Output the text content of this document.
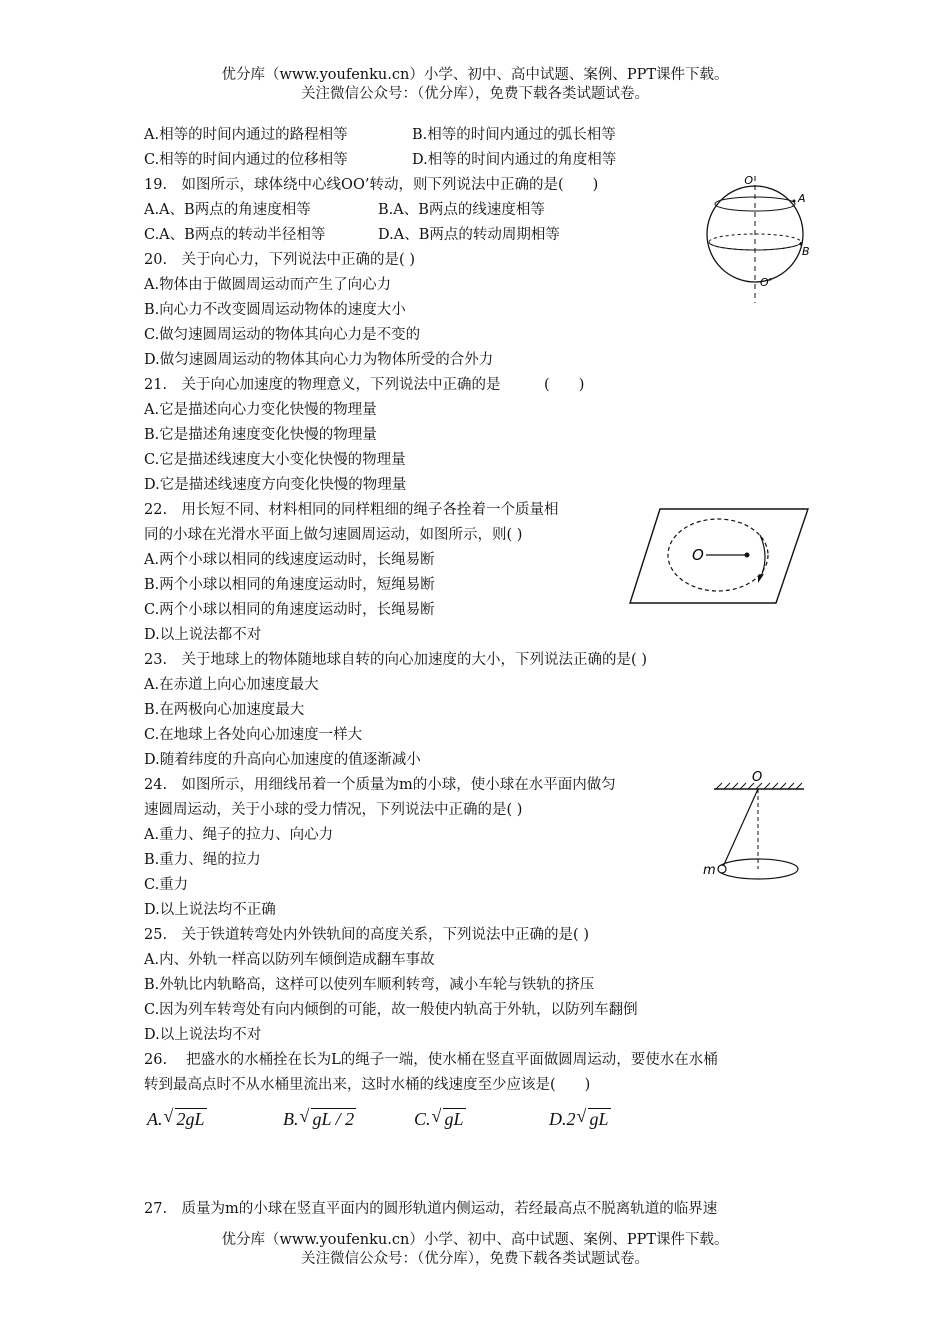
优分库（www.youfenku.cn）小学、初中、高中试题、案例、PPT课件下载。
关注微信公众号：（优分库），免费下载各类试题试卷。
A.相等的时间内通过的路程相等	B.相等的时间内通过的弧长相等
C.相等的时间内通过的位移相等	D.相等的时间内通过的角度相等
19.　如图所示，球体绕中心线OO’转动，则下列说法中正确的是(　　)
A.A、B两点的角速度相等	B.A、B两点的线速度相等
C.A、B两点的转动半径相等	D.A、B两点的转动周期相等
O
A
B
O'
20.　关于向心力，下列说法中正确的是( )
A.物体由于做圆周运动而产生了向心力
B.向心力不改变圆周运动物体的速度大小
C.做匀速圆周运动的物体其向心力是不变的
D.做匀速圆周运动的物体其向心力为物体所受的合外力
21.　关于向心加速度的物理意义，下列说法中正确的是　　　(　　)
A.它是描述向心力变化快慢的物理量
B.它是描述角速度变化快慢的物理量
C.它是描述线速度大小变化快慢的物理量
D.它是描述线速度方向变化快慢的物理量
22.　用长短不同、材料相同的同样粗细的绳子各拴着一个质量相
同的小球在光滑水平面上做匀速圆周运动，如图所示，则( )
A.两个小球以相同的线速度运动时，长绳易断
B.两个小球以相同的角速度运动时，短绳易断
C.两个小球以相同的角速度运动时，长绳易断
D.以上说法都不对
O
23.　关于地球上的物体随地球自转的向心加速度的大小，下列说法正确的是( )
A.在赤道上向心加速度最大
B.在两极向心加速度最大
C.在地球上各处向心加速度一样大
D.随着纬度的升高向心加速度的值逐渐减小
24.　如图所示，用细线吊着一个质量为m的小球，使小球在水平面内做匀
速圆周运动，关于小球的受力情况，下列说法中正确的是( )
A.重力、绳子的拉力、向心力
B.重力、绳的拉力
C.重力
D.以上说法均不正确
O
m
25.　关于铁道转弯处内外铁轨间的高度关系，下列说法中正确的是( )
A.内、外轨一样高以防列车倾倒造成翻车事故
B.外轨比内轨略高，这样可以使列车顺利转弯，减小车轮与铁轨的挤压
C.因为列车转弯处有向内倾倒的可能，故一般使内轨高于外轨，以防列车翻倒
D.以上说法均不对
26.　 把盛水的水桶拴在长为L的绳子一端，使水桶在竖直平面做圆周运动，要使水在水桶
转到最高点时不从水桶里流出来，这时水桶的线速度至少应该是(　　)
A. √ 2gL	B. √ gL / 2	C. √ gL	D.2 √ gL
27.　质量为m的小球在竖直平面内的圆形轨道内侧运动，若经最高点不脱离轨道的临界速
优分库（www.youfenku.cn）小学、初中、高中试题、案例、PPT课件下载。
关注微信公众号：（优分库），免费下载各类试题试卷。
